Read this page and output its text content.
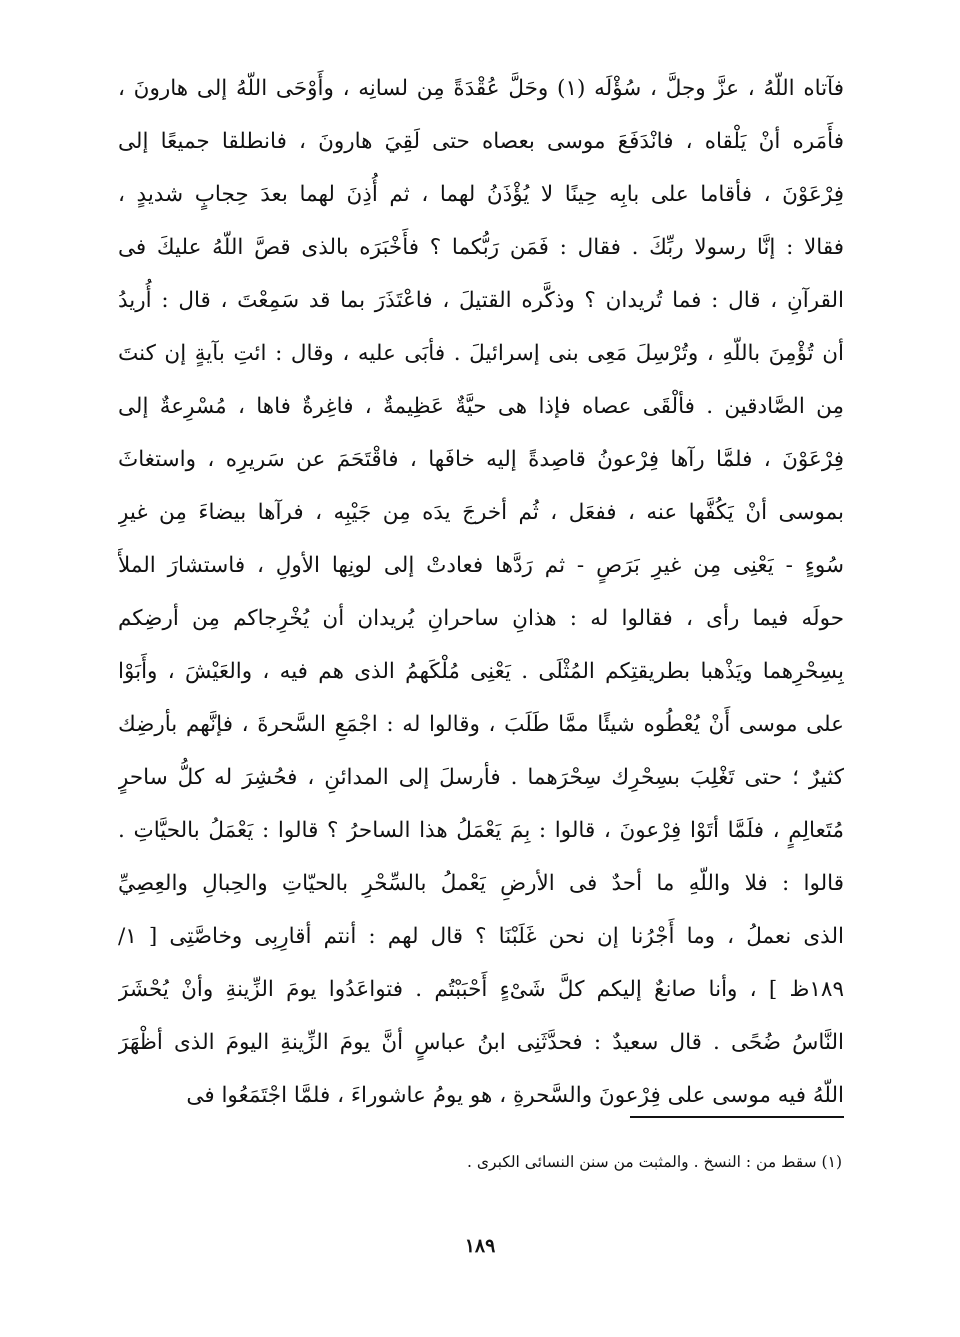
فآتاه اللّهُ ، عزَّ وجلَّ ، سُؤْلَه (١) وحَلَّ عُقْدَةً مِن لسانِه ، وأَوْحَى اللّهُ إلى هارونَ ،
فأَمَره أنْ يَلْقاه ، فانْدَفَعَ موسى بعصاه حتى لَقِيَ هارونَ ، فانطلقا جميعًا إلى
فِرْعَوْنَ ، فأقاما على بابِه حِينًا لا يُؤْذَنُ لهما ، ثم أُذِنَ لهما بعدَ حِجابٍ شديدٍ ،
فقالا : إنَّا رسولا ربِّكَ . فقال : فَمَن رَبُّكما ؟ فأَخْبَرَه بالذى قصَّ اللّهُ عليكَ فى
القرآنِ ، قال : فما تُريدان ؟ وذكَّره القتيلَ ، فاعْتَذَرَ بما قد سَمِعْتَ ، قال : أُريدُ
أن تُؤْمِنَ باللّهِ ، وتُرْسِلَ مَعِى بنى إسرائيلَ . فأبَى عليه ، وقال : ائتِ بآيةٍ إن كنتَ
مِن الصَّادقين . فألْقَى عصاه فإذا هى حيَّةٌ عَظِيمةٌ ، فاغِرةٌ فاها ، مُسْرِعةٌ إلى
فِرْعَوْنَ ، فلمَّا رآها فِرْعونُ قاصِدةً إليه خافَها ، فاقْتَحَمَ عن سَريرِه ، واستغاثَ
بموسى أنْ يَكُفَّها عنه ، ففعَل ، ثُم أخرجَ يدَه مِن جَيْبِه ، فرآها بيضاءَ مِن غيرِ
سُوءٍ - يَعْنِى مِن غيرِ بَرَصٍ - ثم رَدَّها فعادتْ إلى لونِها الأولِ ، فاستشارَ الملأَ
حولَه فيما رأى ، فقالوا له : هذانِ ساحرانِ يُريدان أن يُخْرِجاكم مِن أرضِكم
بِسِحْرِهما ويَذْهبا بطريقتِكم المُثْلَى . يَعْنِى مُلْكَهمُ الذى هم فيه ، والعَيْشَ ، وأَبَوْا
على موسى أَنْ يُعْطُوه شيئًا ممَّا طَلَبَ ، وقالوا له : اجْمَعِ السَّحرةَ ، فإنَّهم بأرضِك
كثيرٌ ؛ حتى تَغْلِبَ بسِحْرِك سِحْرَهما . فأرسلَ إلى المدائنِ ، فحُشِرَ له كلُّ ساحرٍ
مُتَعالِمٍ ، فلَمَّا أتَوْا فِرْعونَ ، قالوا : بِمَ يَعْمَلُ هذا الساحرُ ؟ قالوا : يَعْمَلُ بالحيَّاتِ .
قالوا : فلا واللّهِ ما أحدٌ فى الأرضِ يَعْملُ بالسِّحْرِ بالحيّاتِ والحِبالِ والعِصِيِّ
الذى نعملُ ، وما أَجْرُنا إن نحن غَلَبْنَا ؟ قال لهم : أنتم أقارِبِى وخاصَّتِى [ ١/
١٨٩ظ ] ، وأنا صانعٌ إليكم كلَّ شَىْءٍ أَحْبَبْتُم . فتواعَدُوا يومَ الزِّينةِ وأنْ يُحْشَرَ
النَّاسُ ضُحًى . قال سعيدٌ : فحدَّثَنِى ابنُ عباسٍ أنَّ يومَ الزِّينةِ اليومَ الذى أظْهَرَ
اللّهُ فيه موسى على فِرْعونَ والسَّحرةِ ، هو يومُ عاشوراءَ ، فلمَّا اجْتَمَعُوا فى
(١) سقط من : النسخ . والمثبت من سنن النسائى الكبرى .
١٨٩
